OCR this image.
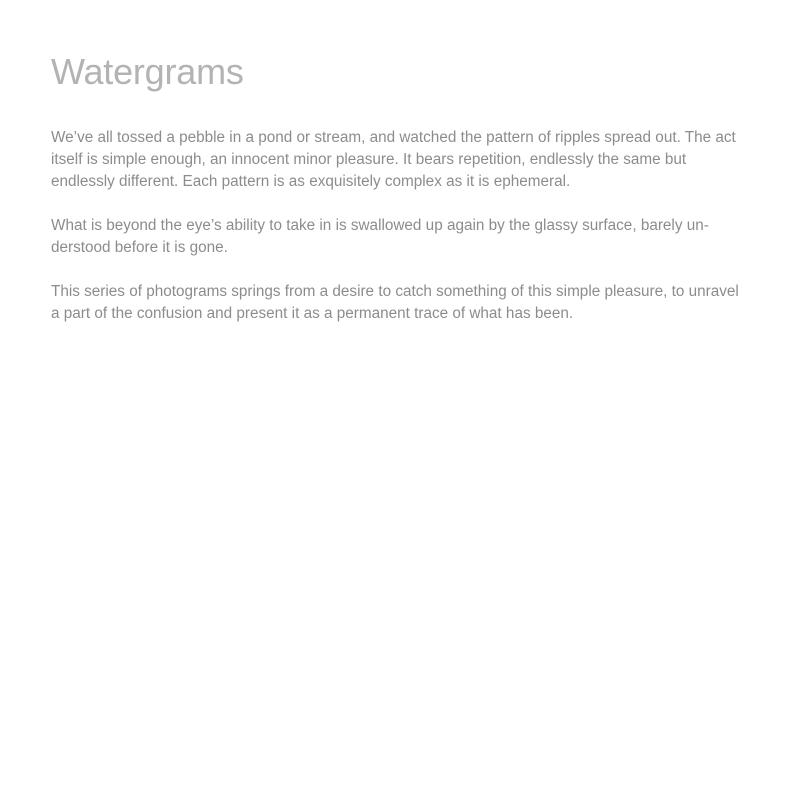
Watergrams

We’ve all tossed a pebble in a pond or stream, and watched the pattern of ripples spread out. The act itself is simple enough, an innocent minor pleasure. It bears repetition, endlessly the same but endlessly different. Each pattern is as exquisitely complex as it is ephemeral.

What is beyond the eye’s ability to take in is swallowed up again by the glassy surface, barely understood before it is gone.

This series of photograms springs from a desire to catch something of this simple pleasure, to unravel a part of the confusion and present it as a permanent trace of what has been.
